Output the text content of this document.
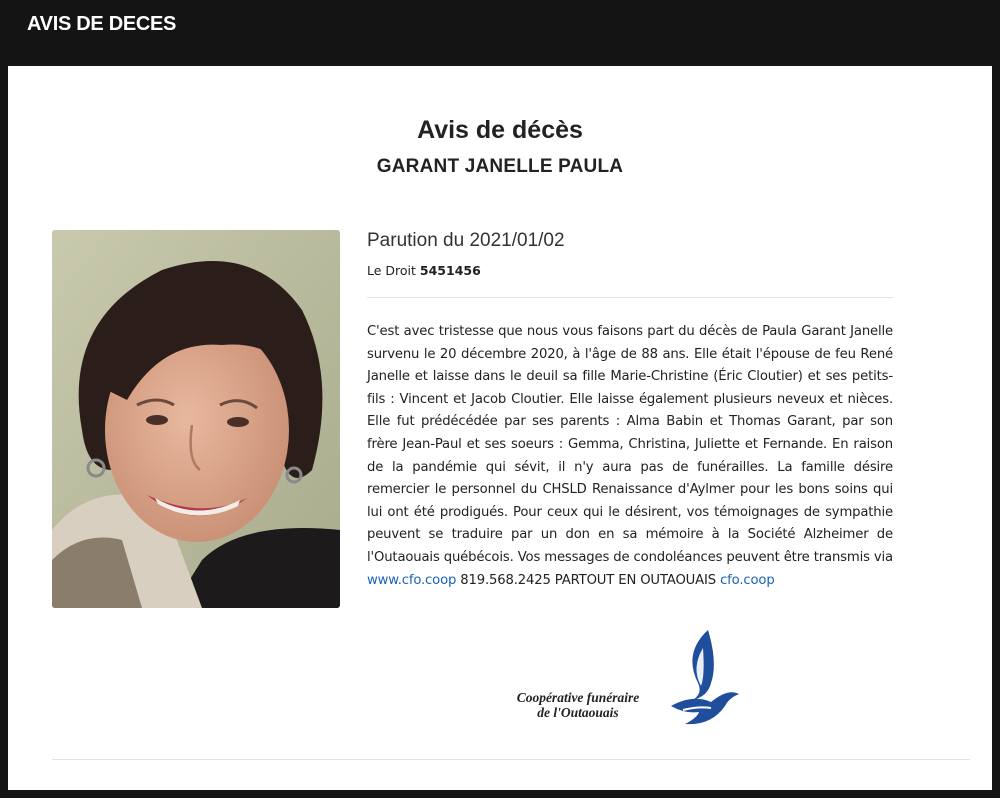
AVIS DE DECES
Avis de décès
GARANT JANELLE PAULA
Parution du 2021/01/02
Le Droit 5451456
C'est avec tristesse que nous vous faisons part du décès de Paula Garant Janelle survenu le 20 décembre 2020, à l'âge de 88 ans. Elle était l'épouse de feu René Janelle et laisse dans le deuil sa fille Marie-Christine (Éric Cloutier) et ses petits-fils : Vincent et Jacob Cloutier. Elle laisse également plusieurs neveux et nièces. Elle fut prédécédée par ses parents : Alma Babin et Thomas Garant, par son frère Jean-Paul et ses soeurs : Gemma, Christina, Juliette et Fernande. En raison de la pandémie qui sévit, il n'y aura pas de funérailles. La famille désire remercier le personnel du CHSLD Renaissance d'Aylmer pour les bons soins qui lui ont été prodigués. Pour ceux qui le désirent, vos témoignages de sympathie peuvent se traduire par un don en sa mémoire à la Société Alzheimer de l'Outaouais québécois. Vos messages de condoléances peuvent être transmis via www.cfo.coop 819.568.2425 PARTOUT EN OUTAOUAIS cfo.coop
Coopérative funéraire
de l'Outaouais
